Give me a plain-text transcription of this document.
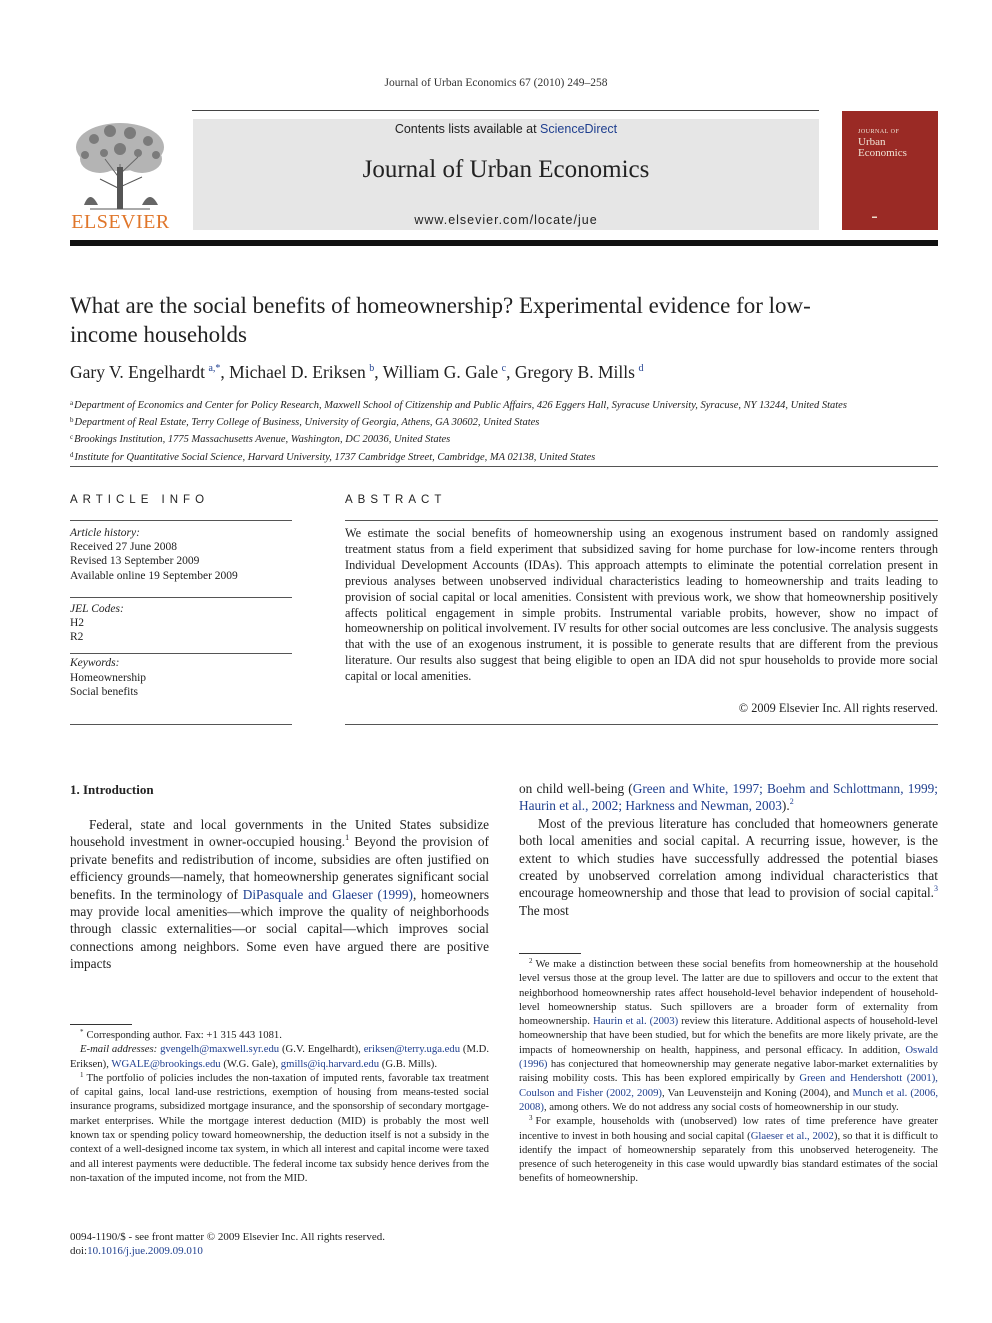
Journal of Urban Economics 67 (2010) 249–258
ELSEVIER
Contents lists available at ScienceDirect
Journal of Urban Economics
www.elsevier.com/locate/jue
JOURNAL OF
Urban
Economics
▬
What are the social benefits of homeownership? Experimental evidence for low-income households
Gary V. Engelhardt  $^{a,*}$, Michael D. Eriksen  $^b$, William G. Gale  $^c$, Gregory B. Mills  $^d$
$^a$Department of Economics and Center for Policy Research, Maxwell School of Citizenship and Public Affairs, 426 Eggers Hall, Syracuse University, Syracuse, NY 13244, United States
$^b$Department of Real Estate, Terry College of Business, University of Georgia, Athens, GA 30602, United States
$^c$Brookings Institution, 1775 Massachusetts Avenue, Washington, DC 20036, United States
$^d$Institute for Quantitative Social Science, Harvard University, 1737 Cambridge Street, Cambridge, MA 02138, United States
ARTICLE INFO
Article history:
Received 27 June 2008
Revised 13 September 2009
Available online 19 September 2009
JEL Codes:
H2
R2
Keywords:
Homeownership
Social benefits
ABSTRACT
We estimate the social benefits of homeownership using an exogenous instrument based on randomly assigned treatment status from a field experiment that subsidized saving for home purchase for low-income renters through Individual Development Accounts (IDAs). This approach attempts to eliminate the potential correlation present in previous analyses between unobserved individual characteristics leading to homeownership and traits leading to provision of social capital or local amenities. Consistent with previous work, we show that homeownership positively affects political engagement in simple probits. Instrumental variable probits, however, show no impact of homeownership on political involvement. IV results for other social outcomes are less conclusive. The analysis suggests that with the use of an exogenous instrument, it is possible to generate results that are different from the previous literature. Our results also suggest that being eligible to open an IDA did not spur households to provide more social capital or local amenities.
© 2009 Elsevier Inc. All rights reserved.
1. Introduction

Federal, state and local governments in the United States subsidize household investment in owner-occupied housing.$^1$ Beyond the provision of private benefits and redistribution of income, subsidies are often justified on efficiency grounds—namely, that homeownership generates significant social benefits. In the terminology of DiPasquale and Glaeser (1999), homeowners may provide local amenities—which improve the quality of neighborhoods through classic externalities—or social capital—which improves social connections among neighbors. Some even have argued there are positive impacts

on child well-being (Green and White, 1997; Boehm and Schlottmann, 1999; Haurin et al., 2002; Harkness and Newman, 2003).$^2$

Most of the previous literature has concluded that homeowners generate both local amenities and social capital. A recurring issue, however, is the extent to which studies have successfully addressed the potential biases created by unobserved correlation among individual characteristics that encourage homeownership and those that lead to provision of social capital.$^3$ The most

* Corresponding author. Fax: +1 315 443 1081.

E-mail addresses: gvengelh@maxwell.syr.edu (G.V. Engelhardt), eriksen@terry.uga.edu (M.D. Eriksen), WGALE@brookings.edu (W.G. Gale), gmills@iq.harvard.edu (G.B. Mills).

$^1$ The portfolio of policies includes the non-taxation of imputed rents, favorable tax treatment of capital gains, local land-use restrictions, exemption of housing from means-tested social insurance programs, subsidized mortgage insurance, and the sponsorship of secondary mortgage-market enterprises. While the mortgage interest deduction (MID) is probably the most well known tax or spending policy toward homeownership, the deduction itself is not a subsidy in the context of a well-designed income tax system, in which all interest and capital income were taxed and all interest payments were deductible. The federal income tax subsidy hence derives from the non-taxation of the imputed income, not from the MID.

$^2$ We make a distinction between these social benefits from homeownership at the household level versus those at the group level. The latter are due to spillovers and occur to the extent that neighborhood homeownership rates affect household-level behavior independent of household-level homeownership status. Such spillovers are a broader form of externality from homeownership. Haurin et al. (2003) review this literature. Additional aspects of household-level homeownership that have been studied, but for which the benefits are more likely private, are the impacts of homeownership on health, happiness, and personal efficacy. In addition, Oswald (1996) has conjectured that homeownership may generate negative labor-market externalities by raising mobility costs. This has been explored empirically by Green and Hendershott (2001), Coulson and Fisher (2002, 2009), Van Leuvensteijn and Koning (2004), and Munch et al. (2006, 2008), among others. We do not address any social costs of homeownership in our study.

$^3$ For example, households with (unobserved) low rates of time preference have greater incentive to invest in both housing and social capital (Glaeser et al., 2002), so that it is difficult to identify the impact of homeownership separately from this unobserved heterogeneity. The presence of such heterogeneity in this case would upwardly bias standard estimates of the social benefits of homeownership.

0094-1190/$ - see front matter © 2009 Elsevier Inc. All rights reserved.
doi:10.1016/j.jue.2009.09.010
